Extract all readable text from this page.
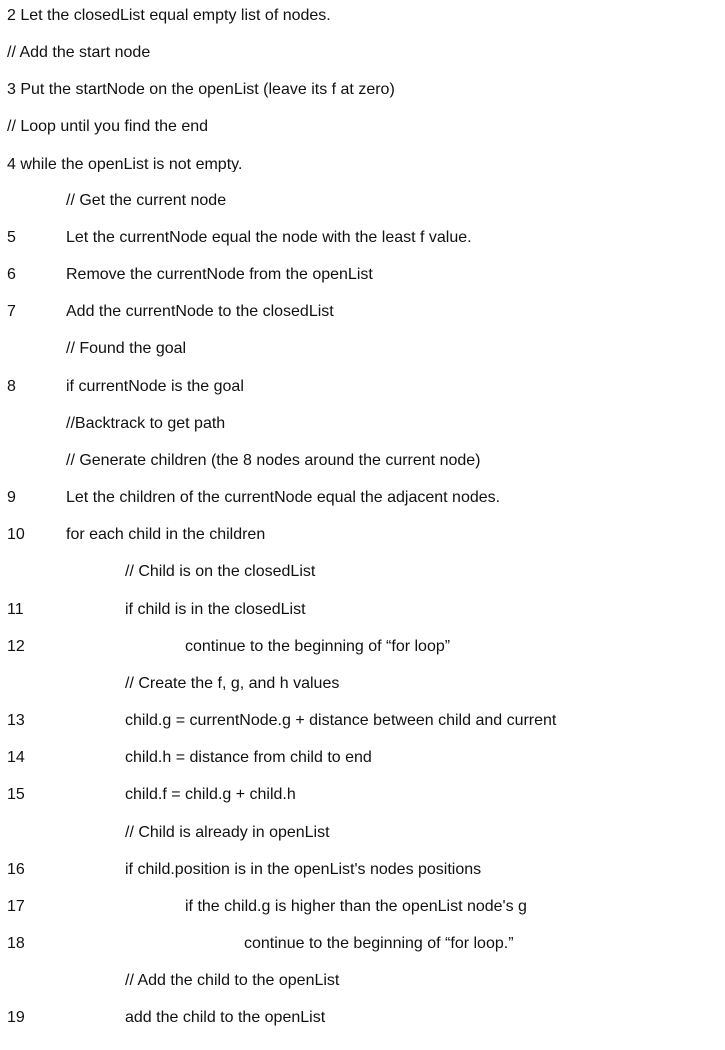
2 Let the closedList equal empty list of nodes.
// Add the start node
3 Put the startNode on the openList (leave its f at zero)
// Loop until you find the end
4 while the openList is not empty.
// Get the current node
5	Let the currentNode equal the node with the least f value.
6	Remove the currentNode from the openList
7	Add the currentNode to the closedList
// Found the goal
8	if currentNode is the goal
//Backtrack to get path
// Generate children (the 8 nodes around the current node)
9	Let the children of the currentNode equal the adjacent nodes.
10	for each child in the children
// Child is on the closedList
11	if child is in the closedList
12	continue to the beginning of “for loop”
// Create the f, g, and h values
13	child.g = currentNode.g + distance between child and current
14	child.h = distance from child to end
15	child.f = child.g + child.h
// Child is already in openList
16	if child.position is in the openList's nodes positions
17	if the child.g is higher than the openList node's g
18	continue to the beginning of “for loop.”
// Add the child to the openList
19	add the child to the openList
